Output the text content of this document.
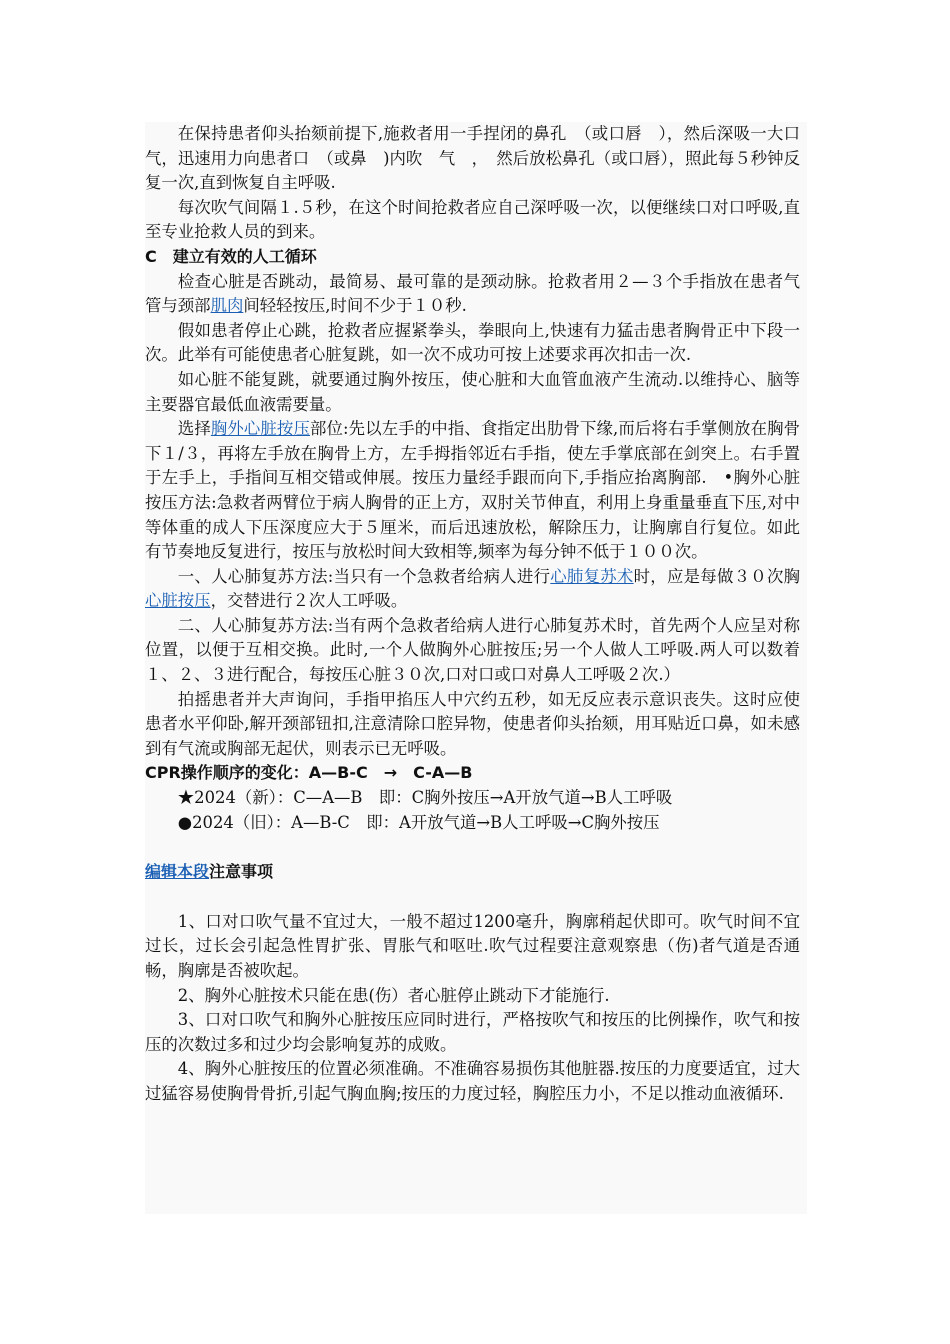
在保持患者仰头抬颏前提下,施救者用一手捏闭的鼻孔　（或口唇　），然后深吸一大口气，迅速用力向患者口　（或鼻　)内吹　气　，　然后放松鼻孔（或口唇），照此每５秒钟反复一次,直到恢复自主呼吸.

每次吹气间隔１.５秒，在这个时间抢救者应自己深呼吸一次，以便继续口对口呼吸,直至专业抢救人员的到来。

C　建立有效的人工循环

检查心脏是否跳动，最简易、最可靠的是颈动脉。抢救者用２—３个手指放在患者气管与颈部肌肉间轻轻按压,时间不少于１０秒.

假如患者停止心跳，抢救者应握紧拳头，拳眼向上,快速有力猛击患者胸骨正中下段一次。此举有可能使患者心脏复跳，如一次不成功可按上述要求再次扣击一次.

如心脏不能复跳，就要通过胸外按压，使心脏和大血管血液产生流动.以维持心、脑等主要器官最低血液需要量。

选择胸外心脏按压部位:先以左手的中指、食指定出肋骨下缘,而后将右手掌侧放在胸骨下１/３，再将左手放在胸骨上方，左手拇指邻近右手指，使左手掌底部在剑突上。右手置于左手上，手指间互相交错或伸展。按压力量经手跟而向下,手指应抬离胸部.　•胸外心脏按压方法:急救者两臂位于病人胸骨的正上方，双肘关节伸直，利用上身重量垂直下压,对中等体重的成人下压深度应大于５厘米，而后迅速放松，解除压力，让胸廓自行复位。如此有节奏地反复进行，按压与放松时间大致相等,频率为每分钟不低于１００次。

一、人心肺复苏方法:当只有一个急救者给病人进行心肺复苏术时，应是每做３０次胸心脏按压，交替进行２次人工呼吸。

二、人心肺复苏方法:当有两个急救者给病人进行心肺复苏术时，首先两个人应呈对称位置，以便于互相交换。此时,一个人做胸外心脏按压;另一个人做人工呼吸.两人可以数着１、２、３进行配合，每按压心脏３０次,口对口或口对鼻人工呼吸２次.）

拍摇患者并大声询问，手指甲掐压人中穴约五秒，如无反应表示意识丧失。这时应使患者水平仰卧,解开颈部钮扣,注意清除口腔异物，使患者仰头抬颏，用耳贴近口鼻，如未感到有气流或胸部无起伏，则表示已无呼吸。

CPR操作顺序的变化：A—B-C　→　C-A—B

★2024（新）：C—A—B　即：C胸外按压→A开放气道→B人工呼吸

●2024（旧）：A—B-C　即：A开放气道→B人工呼吸→C胸外按压

编辑本段注意事项

1、口对口吹气量不宜过大，一般不超过1200毫升，胸廓稍起伏即可。吹气时间不宜过长，过长会引起急性胃扩张、胃胀气和呕吐.吹气过程要注意观察患（伤)者气道是否通畅，胸廓是否被吹起。

2、胸外心脏按术只能在患(伤）者心脏停止跳动下才能施行.

3、口对口吹气和胸外心脏按压应同时进行，严格按吹气和按压的比例操作，吹气和按压的次数过多和过少均会影响复苏的成败。

4、胸外心脏按压的位置必须准确。不准确容易损伤其他脏器.按压的力度要适宜，过大过猛容易使胸骨骨折,引起气胸血胸;按压的力度过轻，胸腔压力小，不足以推动血液循环.
